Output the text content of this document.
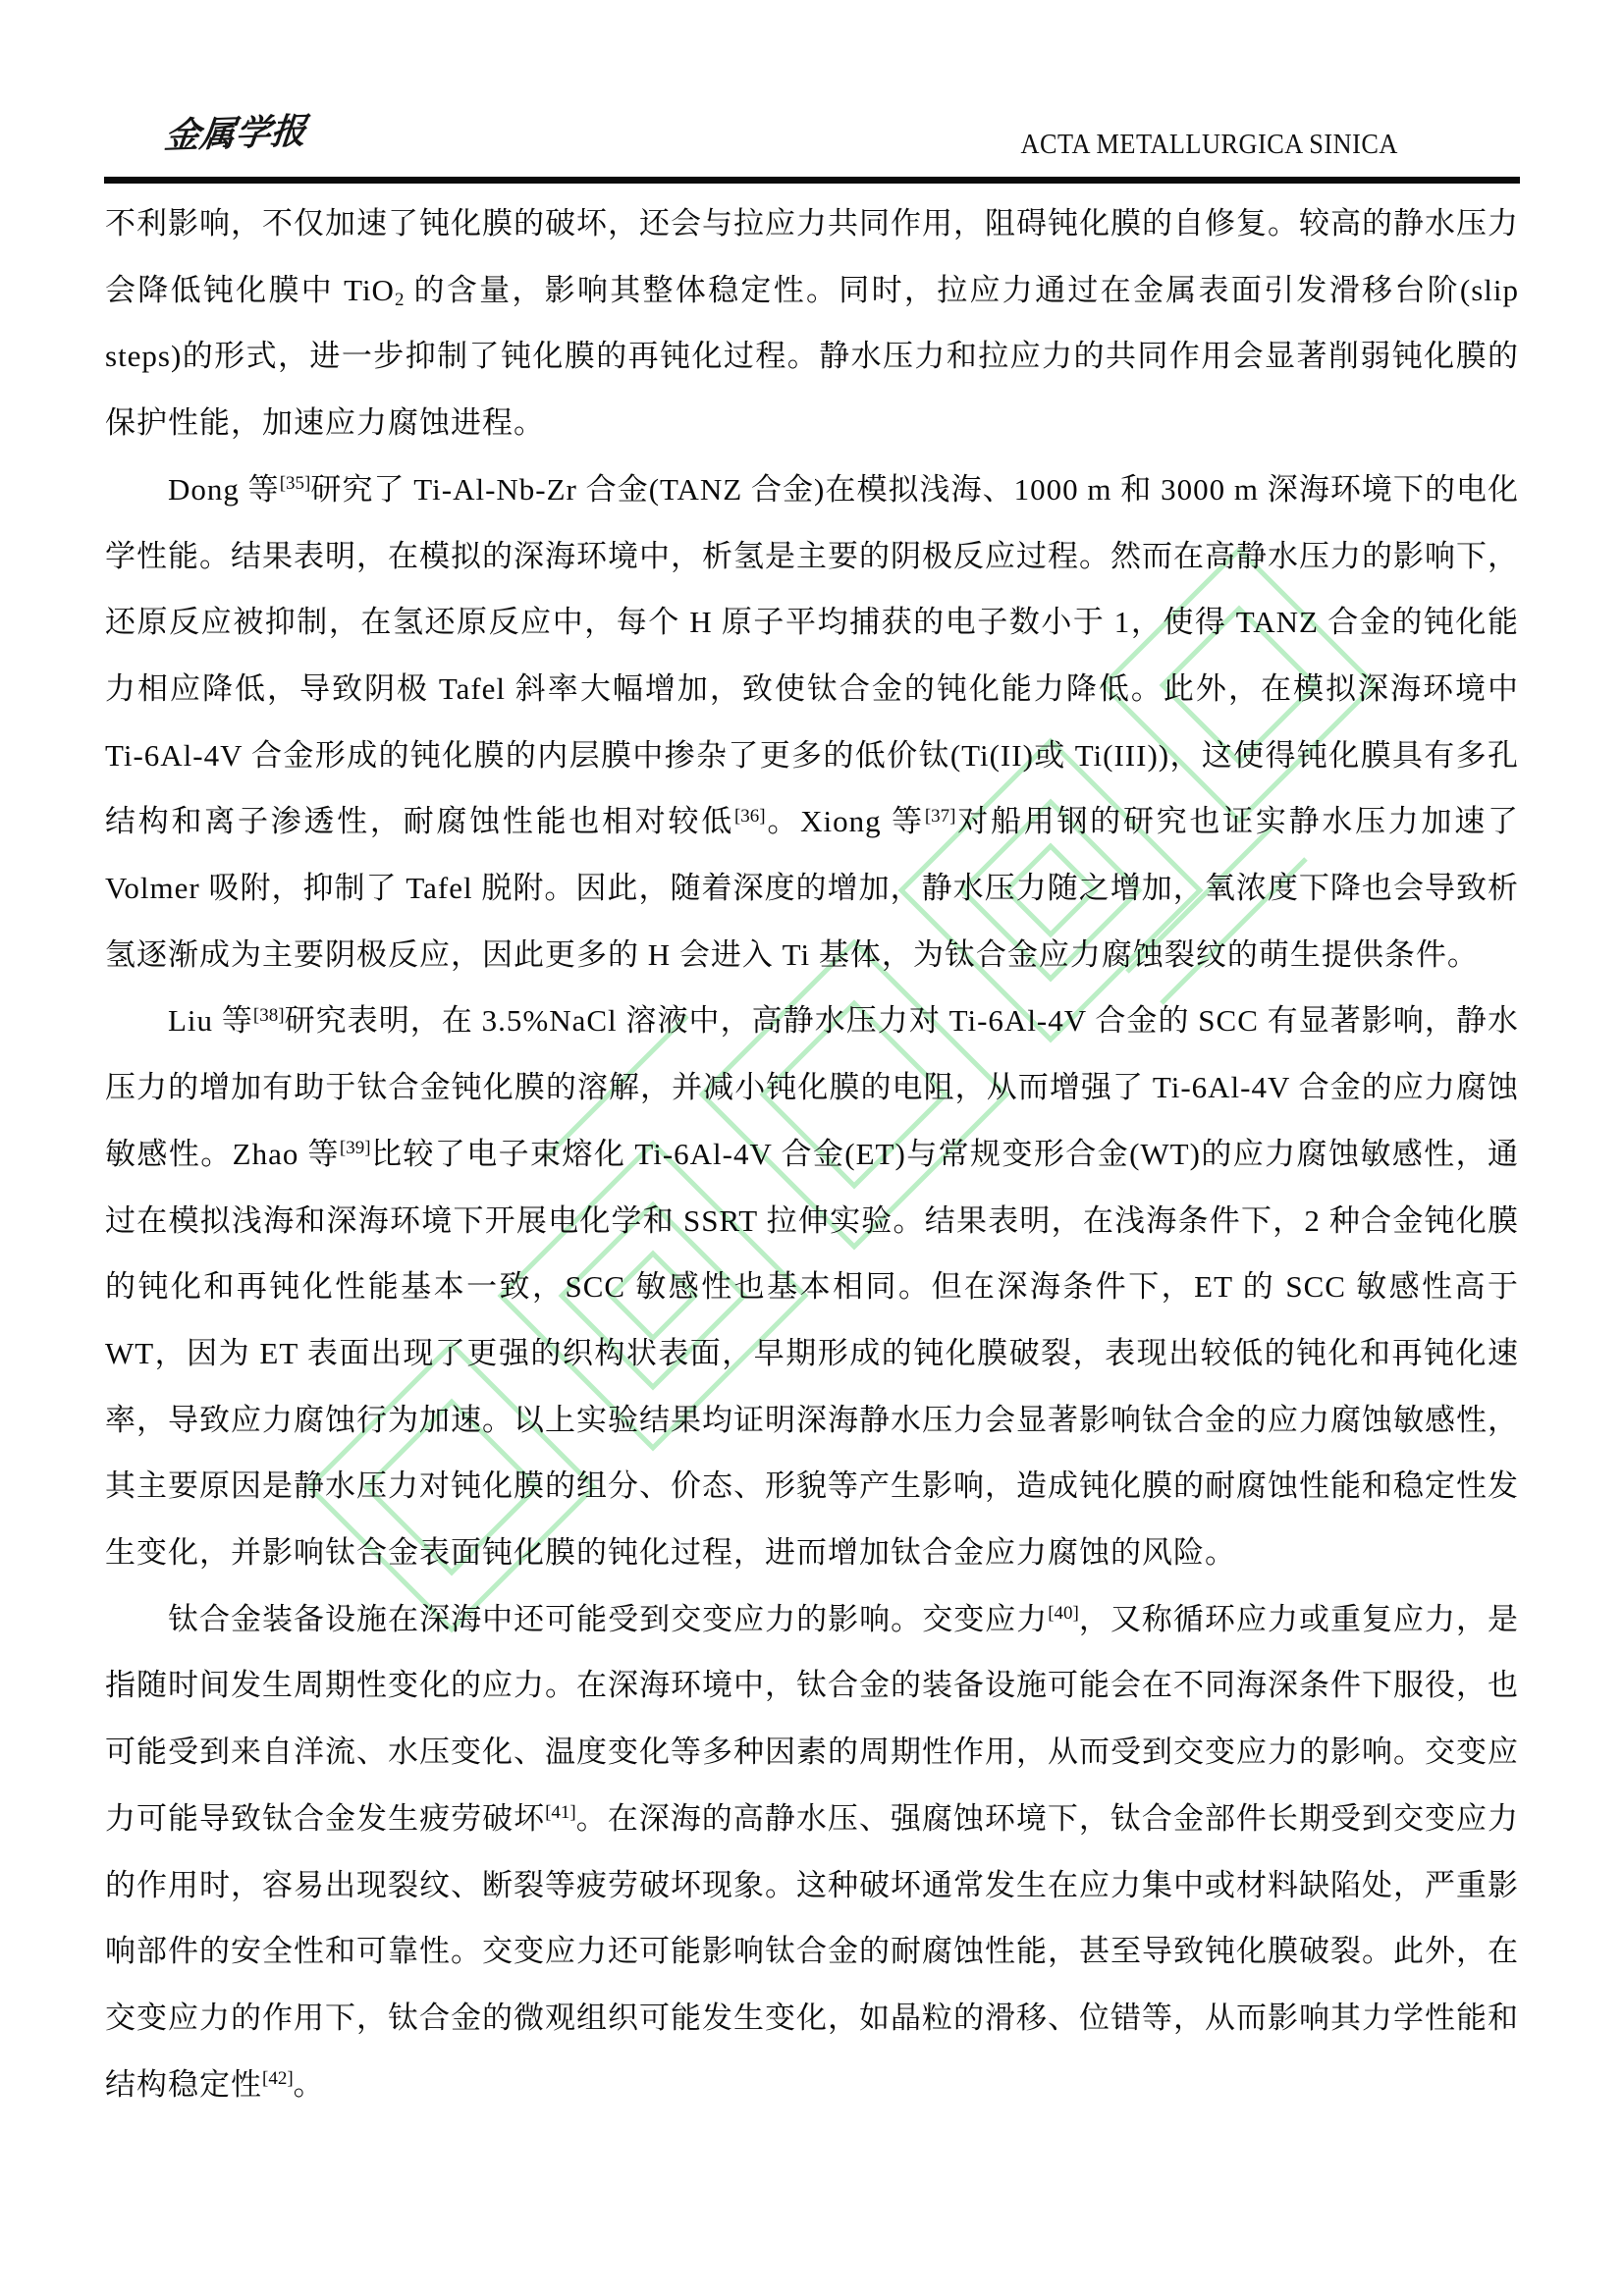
金属学报	ACTA METALLURGICA SINICA

不利影响，不仅加速了钝化膜的破坏，还会与拉应力共同作用，阻碍钝化膜的自修复。较高的静水压力会降低钝化膜中 TiO$_2$ 的含量，影响其整体稳定性。同时，拉应力通过在金属表面引发滑移台阶(slip steps)的形式，进一步抑制了钝化膜的再钝化过程。静水压力和拉应力的共同作用会显著削弱钝化膜的保护性能，加速应力腐蚀进程。

Dong 等[35]研究了 Ti-Al-Nb-Zr 合金(TANZ 合金)在模拟浅海、1000 m 和 3000 m 深海环境下的电化学性能。结果表明，在模拟的深海环境中，析氢是主要的阴极反应过程。然而在高静水压力的影响下，还原反应被抑制，在氢还原反应中，每个 H 原子平均捕获的电子数小于 1，使得 TANZ 合金的钝化能力相应降低，导致阴极 Tafel 斜率大幅增加，致使钛合金的钝化能力降低。此外，在模拟深海环境中 Ti-6Al-4V 合金形成的钝化膜的内层膜中掺杂了更多的低价钛(Ti(II)或 Ti(III))，这使得钝化膜具有多孔结构和离子渗透性，耐腐蚀性能也相对较低[36]。Xiong 等[37]对船用钢的研究也证实静水压力加速了 Volmer 吸附，抑制了 Tafel 脱附。因此，随着深度的增加，静水压力随之增加，氧浓度下降也会导致析氢逐渐成为主要阴极反应，因此更多的 H 会进入 Ti 基体，为钛合金应力腐蚀裂纹的萌生提供条件。

Liu 等[38]研究表明，在 3.5%NaCl 溶液中，高静水压力对 Ti-6Al-4V 合金的 SCC 有显著影响，静水压力的增加有助于钛合金钝化膜的溶解，并减小钝化膜的电阻，从而增强了 Ti-6Al-4V 合金的应力腐蚀敏感性。Zhao 等[39]比较了电子束熔化 Ti-6Al-4V 合金(ET)与常规变形合金(WT)的应力腐蚀敏感性，通过在模拟浅海和深海环境下开展电化学和 SSRT 拉伸实验。结果表明，在浅海条件下，2 种合金钝化膜的钝化和再钝化性能基本一致，SCC 敏感性也基本相同。但在深海条件下，ET 的 SCC 敏感性高于 WT，因为 ET 表面出现了更强的织构状表面，早期形成的钝化膜破裂，表现出较低的钝化和再钝化速率，导致应力腐蚀行为加速。以上实验结果均证明深海静水压力会显著影响钛合金的应力腐蚀敏感性，其主要原因是静水压力对钝化膜的组分、价态、形貌等产生影响，造成钝化膜的耐腐蚀性能和稳定性发生变化，并影响钛合金表面钝化膜的钝化过程，进而增加钛合金应力腐蚀的风险。

钛合金装备设施在深海中还可能受到交变应力的影响。交变应力[40]，又称循环应力或重复应力，是指随时间发生周期性变化的应力。在深海环境中，钛合金的装备设施可能会在不同海深条件下服役，也可能受到来自洋流、水压变化、温度变化等多种因素的周期性作用，从而受到交变应力的影响。交变应力可能导致钛合金发生疲劳破坏[41]。在深海的高静水压、强腐蚀环境下，钛合金部件长期受到交变应力的作用时，容易出现裂纹、断裂等疲劳破坏现象。这种破坏通常发生在应力集中或材料缺陷处，严重影响部件的安全性和可靠性。交变应力还可能影响钛合金的耐腐蚀性能，甚至导致钝化膜破裂。此外，在交变应力的作用下，钛合金的微观组织可能发生变化，如晶粒的滑移、位错等，从而影响其力学性能和结构稳定性[42]。
